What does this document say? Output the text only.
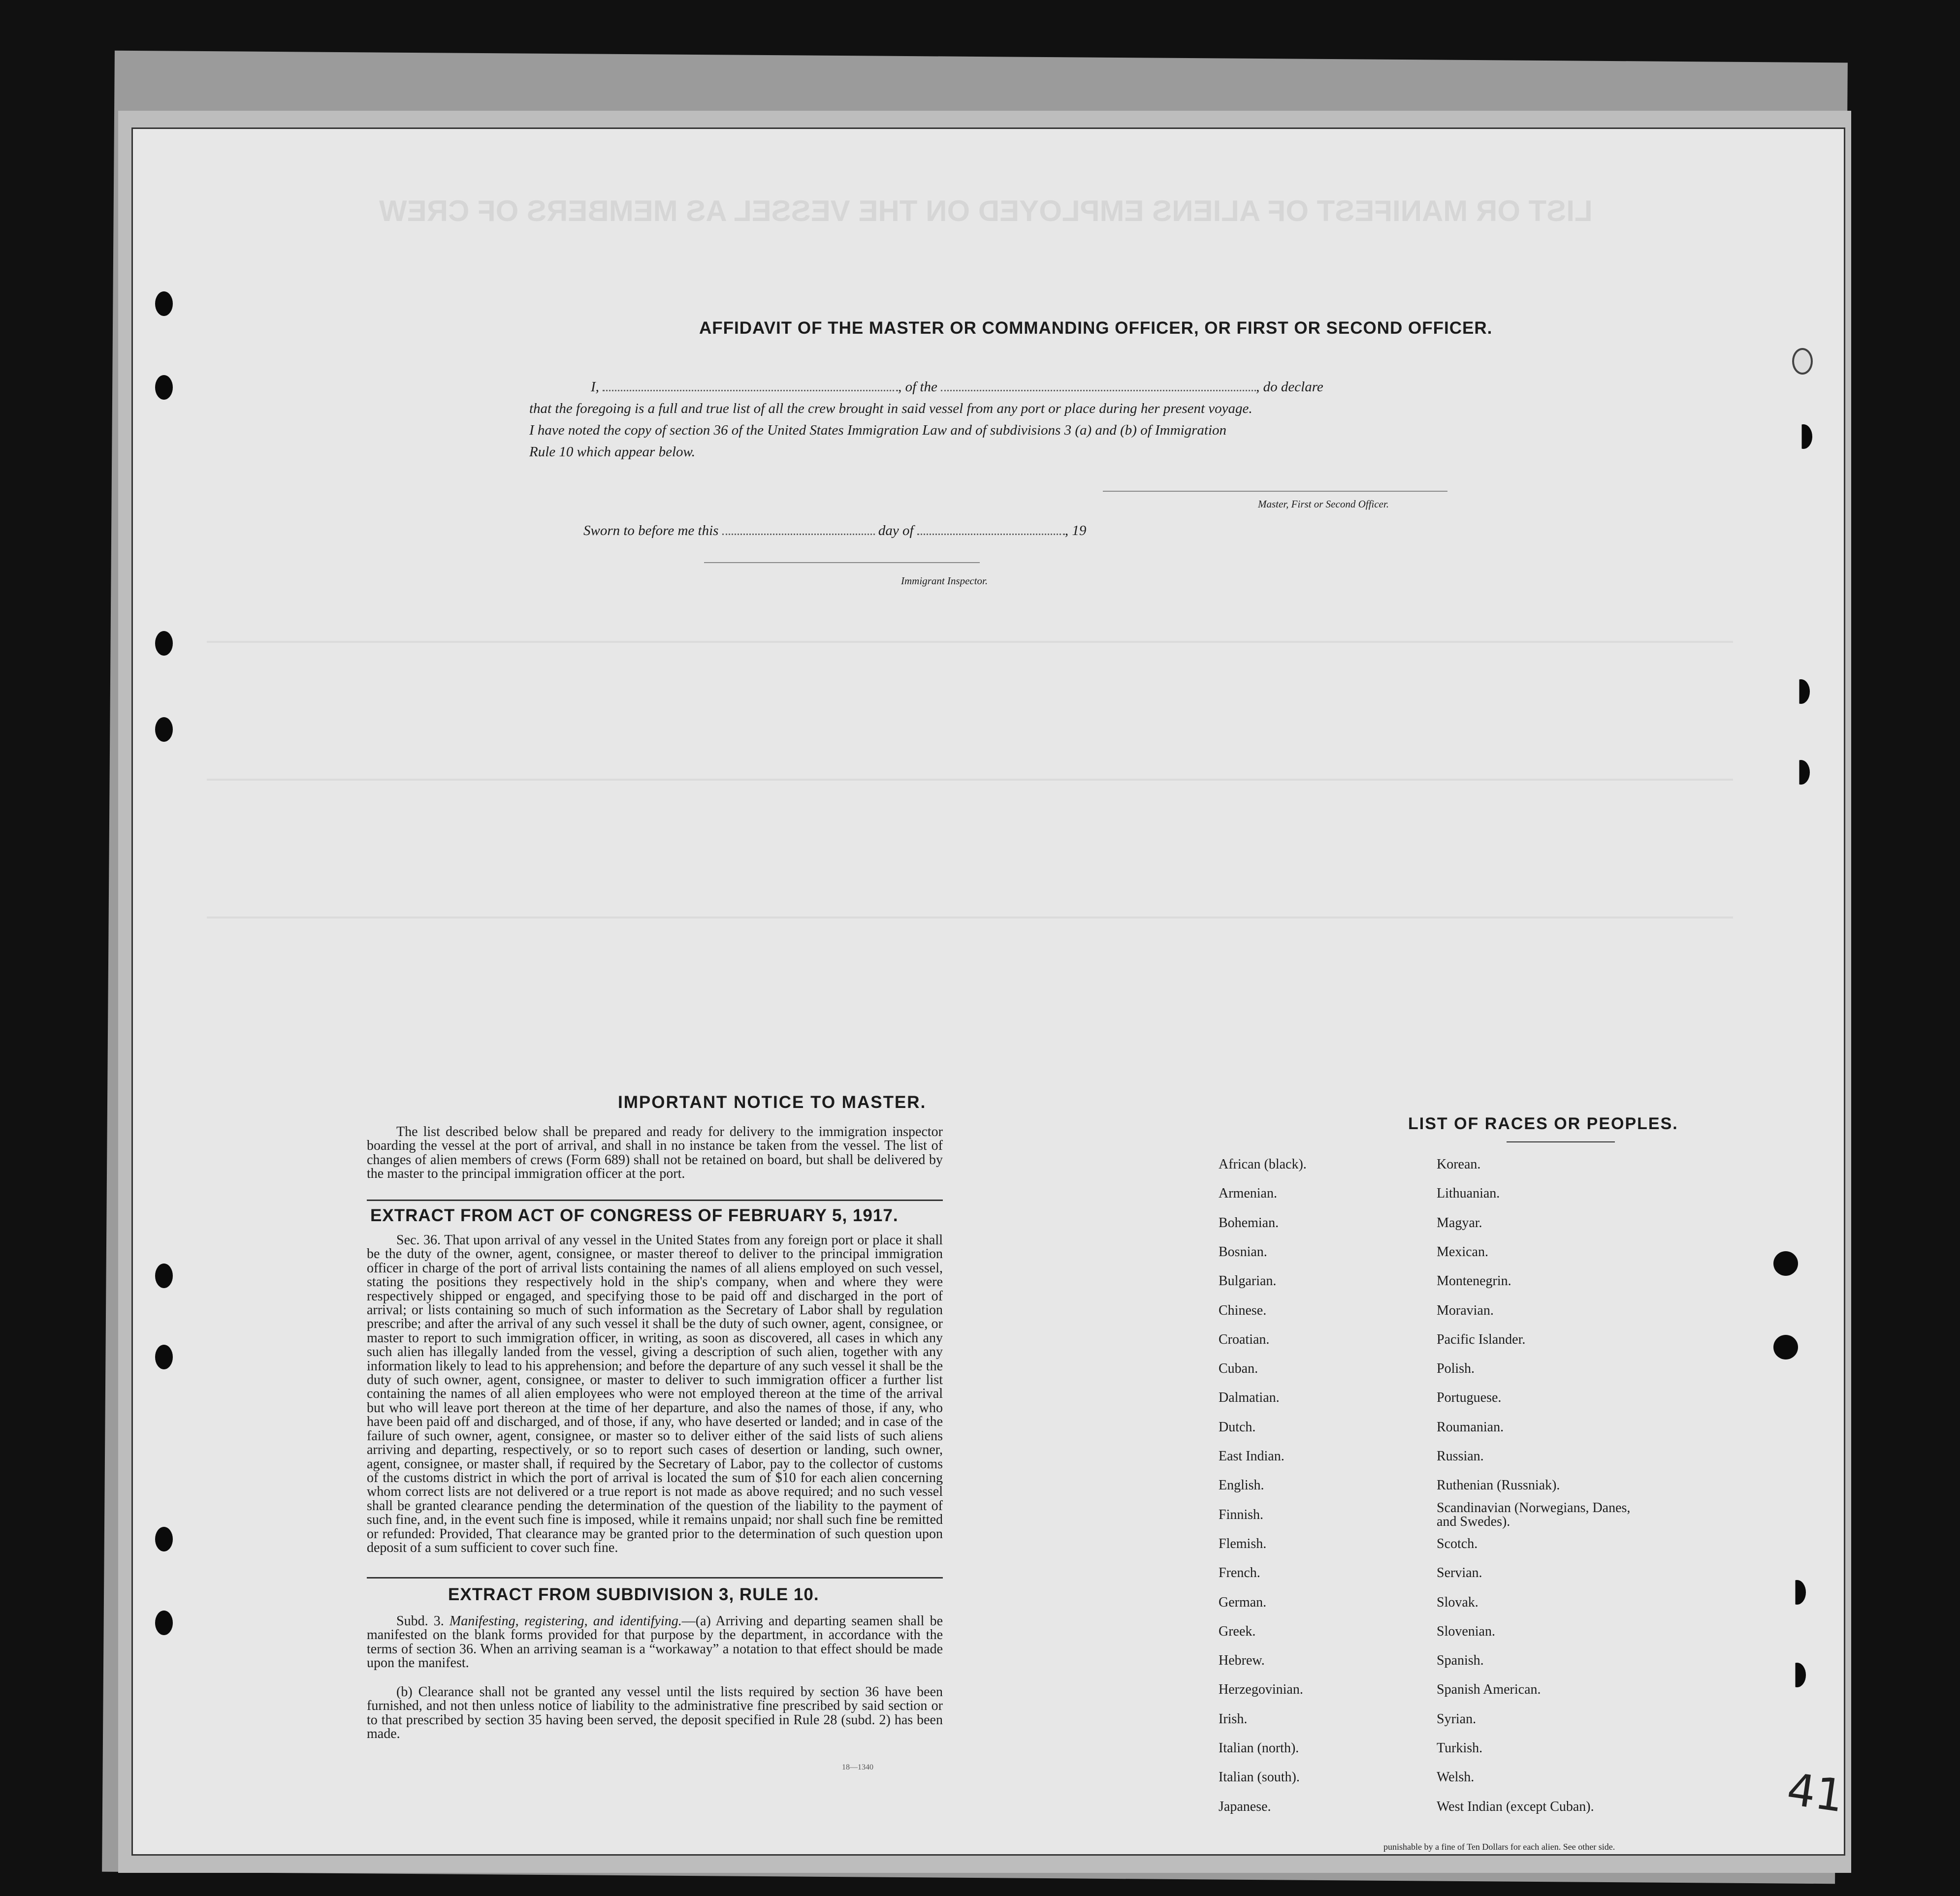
LIST OR MANIFEST OF ALIENS EMPLOYED ON THE VESSEL AS MEMBERS OF CREW
AFFIDAVIT OF THE MASTER OR COMMANDING OFFICER, OR FIRST OR SECOND OFFICER.
I,	, of the	, do declare
that the foregoing is a full and true list of all the crew brought in said vessel from any port or place during her present voyage.
I have noted the copy of section 36 of the United States Immigration Law and of subdivisions 3 (a) and (b) of Immigration
Rule 10 which appear below.
Master, First or Second Officer.
Sworn to before me this	day of	, 19
Immigrant Inspector.
IMPORTANT NOTICE TO MASTER.
The list described below shall be prepared and ready for delivery to the immigration inspector boarding the vessel at the port of arrival, and shall in no instance be taken from the vessel. The list of changes of alien members of crews (Form 689) shall not be retained on board, but shall be delivered by the master to the principal immigration officer at the port.
EXTRACT FROM ACT OF CONGRESS OF FEBRUARY 5, 1917.
Sec. 36. That upon arrival of any vessel in the United States from any foreign port or place it shall be the duty of the owner, agent, consignee, or master thereof to deliver to the principal immigration officer in charge of the port of arrival lists containing the names of all aliens employed on such vessel, stating the positions they respectively hold in the ship's company, when and where they were respectively shipped or engaged, and specifying those to be paid off and discharged in the port of arrival; or lists containing so much of such information as the Secretary of Labor shall by regulation prescribe; and after the arrival of any such vessel it shall be the duty of such owner, agent, consignee, or master to report to such immigration officer, in writing, as soon as discovered, all cases in which any such alien has illegally landed from the vessel, giving a description of such alien, together with any information likely to lead to his apprehension; and before the departure of any such vessel it shall be the duty of such owner, agent, consignee, or master to deliver to such immigration officer a further list containing the names of all alien employees who were not employed thereon at the time of the arrival but who will leave port thereon at the time of her departure, and also the names of those, if any, who have been paid off and discharged, and of those, if any, who have deserted or landed; and in case of the failure of such owner, agent, consignee, or master so to deliver either of the said lists of such aliens arriving and departing, respectively, or so to report such cases of desertion or landing, such owner, agent, consignee, or master shall, if required by the Secretary of Labor, pay to the collector of customs of the customs district in which the port of arrival is located the sum of $10 for each alien concerning whom correct lists are not delivered or a true report is not made as above required; and no such vessel shall be granted clearance pending the determination of the question of the liability to the payment of such fine, and, in the event such fine is imposed, while it remains unpaid; nor shall such fine be remitted or refunded: Provided, That clearance may be granted prior to the determination of such question upon deposit of a sum sufficient to cover such fine.
EXTRACT FROM SUBDIVISION 3, RULE 10.
Subd. 3. Manifesting, registering, and identifying.—(a) Arriving and departing seamen shall be manifested on the blank forms provided for that purpose by the department, in accordance with the terms of section 36. When an arriving seaman is a “workaway” a notation to that effect should be made upon the manifest.
(b) Clearance shall not be granted any vessel until the lists required by section 36 have been furnished, and not then unless notice of liability to the administrative fine prescribed by said section or to that prescribed by section 35 having been served, the deposit specified in Rule 28 (subd. 2) has been made.
18—1340
LIST OF RACES OR PEOPLES.
African (black).
Armenian.
Bohemian.
Bosnian.
Bulgarian.
Chinese.
Croatian.
Cuban.
Dalmatian.
Dutch.
East Indian.
English.
Finnish.
Flemish.
French.
German.
Greek.
Hebrew.
Herzegovinian.
Irish.
Italian (north).
Italian (south).
Japanese.
Korean.
Lithuanian.
Magyar.
Mexican.
Montenegrin.
Moravian.
Pacific Islander.
Polish.
Portuguese.
Roumanian.
Russian.
Ruthenian (Russniak).
Scandinavian (Norwegians, Danes, and Swedes).
Scotch.
Servian.
Slovak.
Slovenian.
Spanish.
Spanish American.
Syrian.
Turkish.
Welsh.
West Indian (except Cuban).
punishable by a fine of Ten Dollars for each alien. See other side.
41
